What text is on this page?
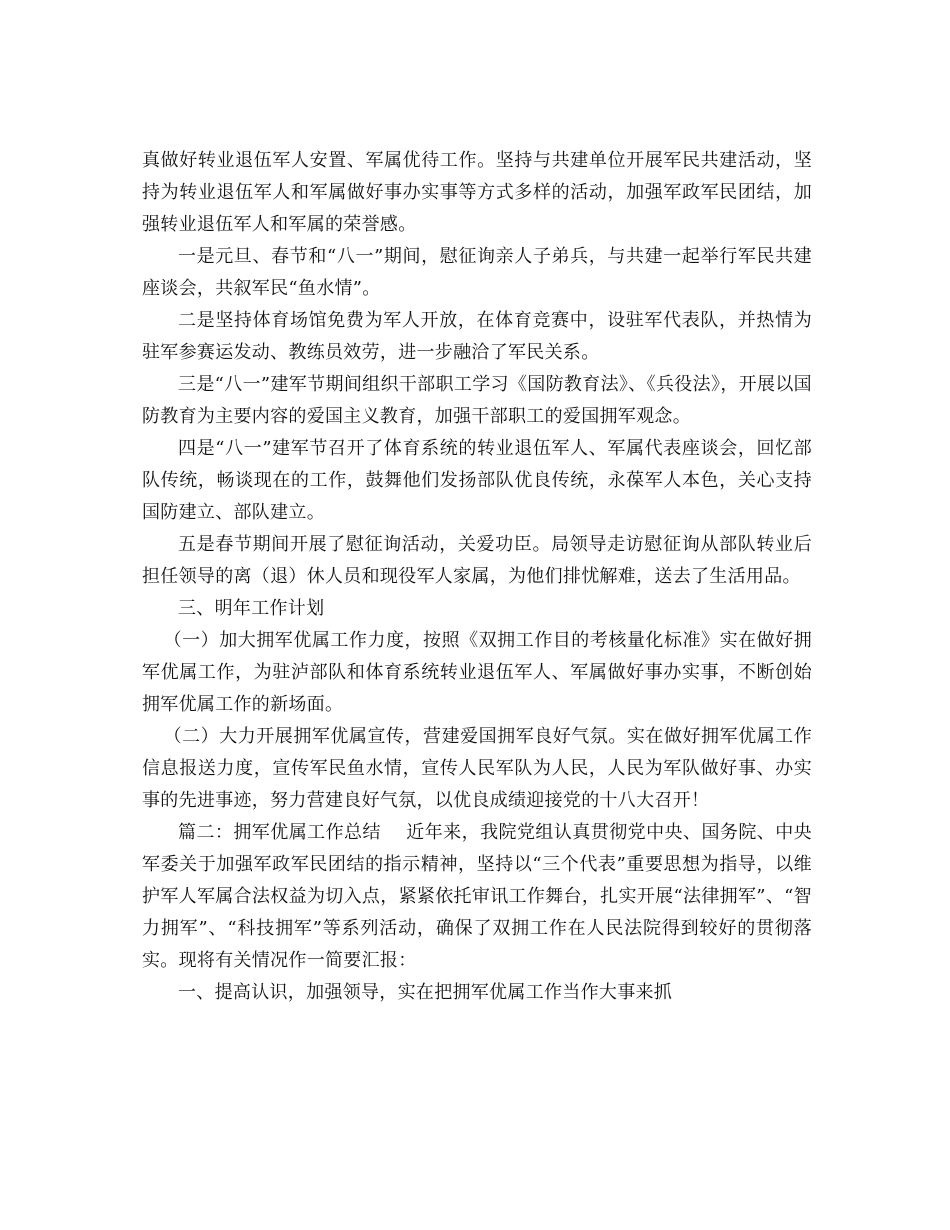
真做好转业退伍军人安置、军属优待工作。坚持与共建单位开展军民共建活动，坚持为转业退伍军人和军属做好事办实事等方式多样的活动，加强军政军民团结，加强转业退伍军人和军属的荣誉感。

一是元旦、春节和“八一”期间，慰征询亲人子弟兵，与共建一起举行军民共建座谈会，共叙军民“鱼水情”。

二是坚持体育场馆免费为军人开放，在体育竞赛中，设驻军代表队，并热情为驻军参赛运发动、教练员效劳，进一步融洽了军民关系。

三是“八一”建军节期间组织干部职工学习《国防教育法》、《兵役法》，开展以国防教育为主要内容的爱国主义教育，加强干部职工的爱国拥军观念。

四是“八一”建军节召开了体育系统的转业退伍军人、军属代表座谈会，回忆部队传统，畅谈现在的工作，鼓舞他们发扬部队优良传统，永葆军人本色，关心支持国防建立、部队建立。

五是春节期间开展了慰征询活动，关爱功臣。局领导走访慰征询从部队转业后担任领导的离（退）休人员和现役军人家属，为他们排忧解难，送去了生活用品。

三、明年工作计划

（一）加大拥军优属工作力度，按照《双拥工作目的考核量化标准》实在做好拥军优属工作，为驻泸部队和体育系统转业退伍军人、军属做好事办实事，不断创始拥军优属工作的新场面。

（二）大力开展拥军优属宣传，营建爱国拥军良好气氛。实在做好拥军优属工作信息报送力度，宣传军民鱼水情，宣传人民军队为人民，人民为军队做好事、办实事的先进事迹，努力营建良好气氛，以优良成绩迎接党的十八大召开！

篇二：拥军优属工作总结 近年来，我院党组认真贯彻党中央、国务院、中央军委关于加强军政军民团结的指示精神，坚持以“三个代表”重要思想为指导，以维护军人军属合法权益为切入点，紧紧依托审讯工作舞台，扎实开展“法律拥军”、“智力拥军”、“科技拥军”等系列活动，确保了双拥工作在人民法院得到较好的贯彻落实。现将有关情况作一简要汇报：

一、提高认识，加强领导，实在把拥军优属工作当作大事来抓
